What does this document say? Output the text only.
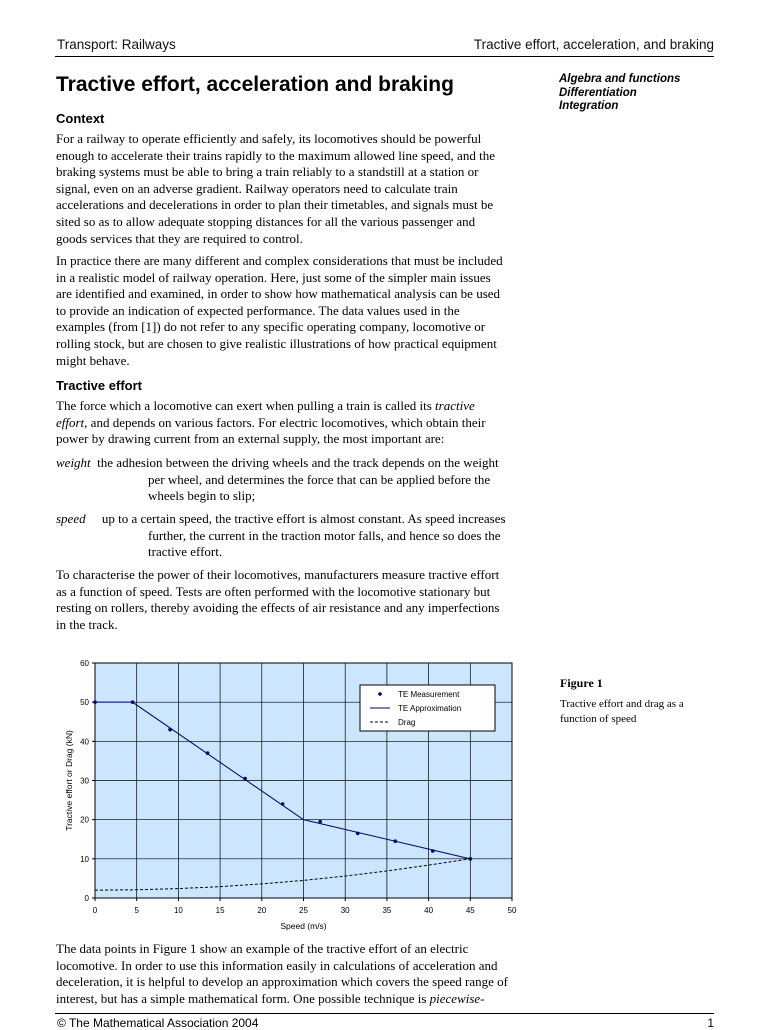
Transport: Railways	Tractive effort, acceleration, and braking
Tractive effort, acceleration and braking	Algebra and functions
Differentiation
Integration
Context
For a railway to operate efficiently and safely, its locomotives should be powerful
enough to accelerate their trains rapidly to the maximum allowed line speed, and the
braking systems must be able to bring a train reliably to a standstill at a station or
signal, even on an adverse gradient. Railway operators need to calculate train
accelerations and decelerations in order to plan their timetables, and signals must be
sited so as to allow adequate stopping distances for all the various passenger and
goods services that they are required to control.
In practice there are many different and complex considerations that must be included
in a realistic model of railway operation. Here, just some of the simpler main issues
are identified and examined, in order to show how mathematical analysis can be used
to provide an indication of expected performance. The data values used in the
examples (from [1]) do not refer to any specific operating company, locomotive or
rolling stock, but are chosen to give realistic illustrations of how practical equipment
might behave.
Tractive effort
The force which a locomotive can exert when pulling a train is called its tractive
effort, and depends on various factors. For electric locomotives, which obtain their
power by drawing current from an external supply, the most important are:
weight the adhesion between the driving wheels and the track depends on the weight
per wheel, and determines the force that can be applied before the
wheels begin to slip;
speed up to a certain speed, the tractive effort is almost constant. As speed increases
further, the current in the traction motor falls, and hence so does the
tractive effort.
To characterise the power of their locomotives, manufacturers measure tractive effort
as a function of speed. Tests are often performed with the locomotive stationary but
resting on rollers, thereby avoiding the effects of air resistance and any imperfections
in the track.
0	5	10	15	20	25	30	35	40	45	50
0
10
20
30
40
50
60
Speed (m/s)
Tractive effort or Drag (kN)
TE Measurement
TE Approximation
Drag
Figure 1
Tractive effort and drag as a function of speed
The data points in Figure 1 show an example of the tractive effort of an electric
locomotive. In order to use this information easily in calculations of acceleration and
deceleration, it is helpful to develop an approximation which covers the speed range of
interest, but has a simple mathematical form. One possible technique is piecewise-
© The Mathematical Association 2004	1
